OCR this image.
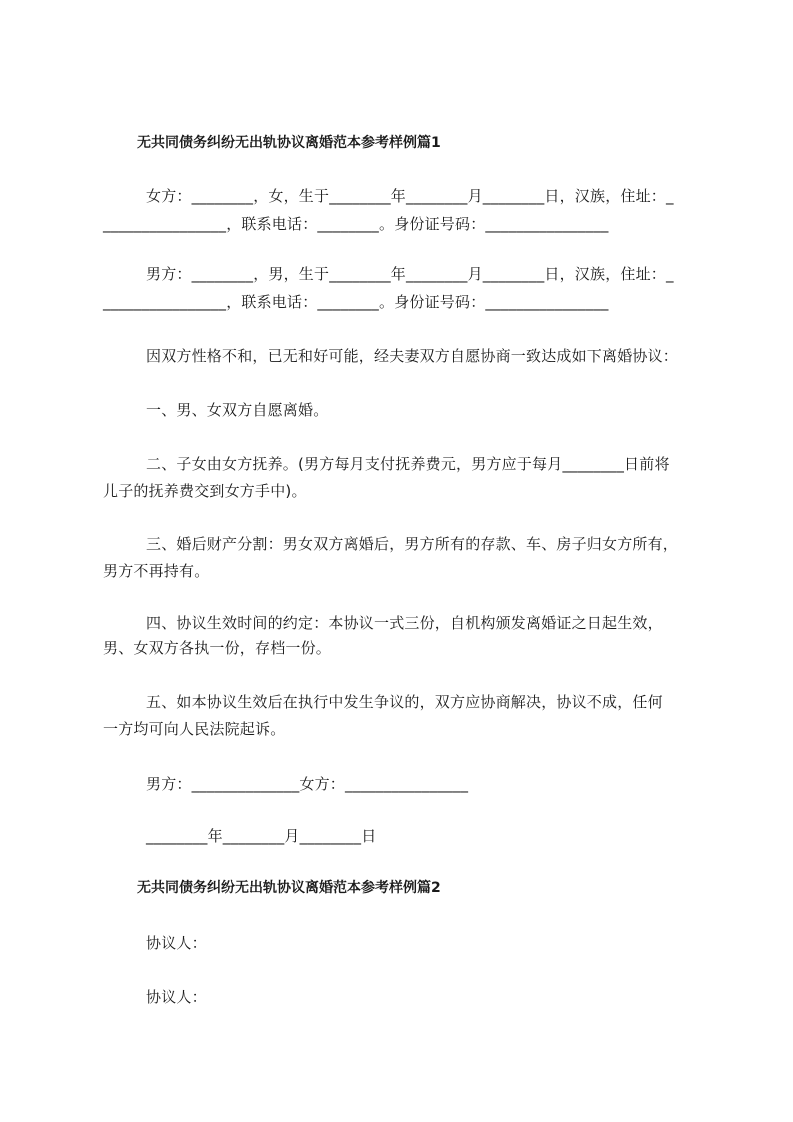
无共同债务纠纷无出轨协议离婚范本参考样例篇1
女方：________，女，生于________年________月________日，汉族，住址：_
________________，联系电话：________。身份证号码：________________
男方：________，男，生于________年________月________日，汉族，住址：_
________________，联系电话：________。身份证号码：________________
因双方性格不和，已无和好可能，经夫妻双方自愿协商一致达成如下离婚协议：
一、男、女双方自愿离婚。
二、子女由女方抚养。(男方每月支付抚养费元，男方应于每月________日前将
儿子的抚养费交到女方手中)。
三、婚后财产分割：男女双方离婚后，男方所有的存款、车、房子归女方所有，
男方不再持有。
四、协议生效时间的约定：本协议一式三份，自机构颁发离婚证之日起生效，
男、女双方各执一份，存档一份。
五、如本协议生效后在执行中发生争议的，双方应协商解决，协议不成，任何
一方均可向人民法院起诉。
男方：______________女方：________________
________年________月________日
无共同债务纠纷无出轨协议离婚范本参考样例篇2
协议人：
协议人：
